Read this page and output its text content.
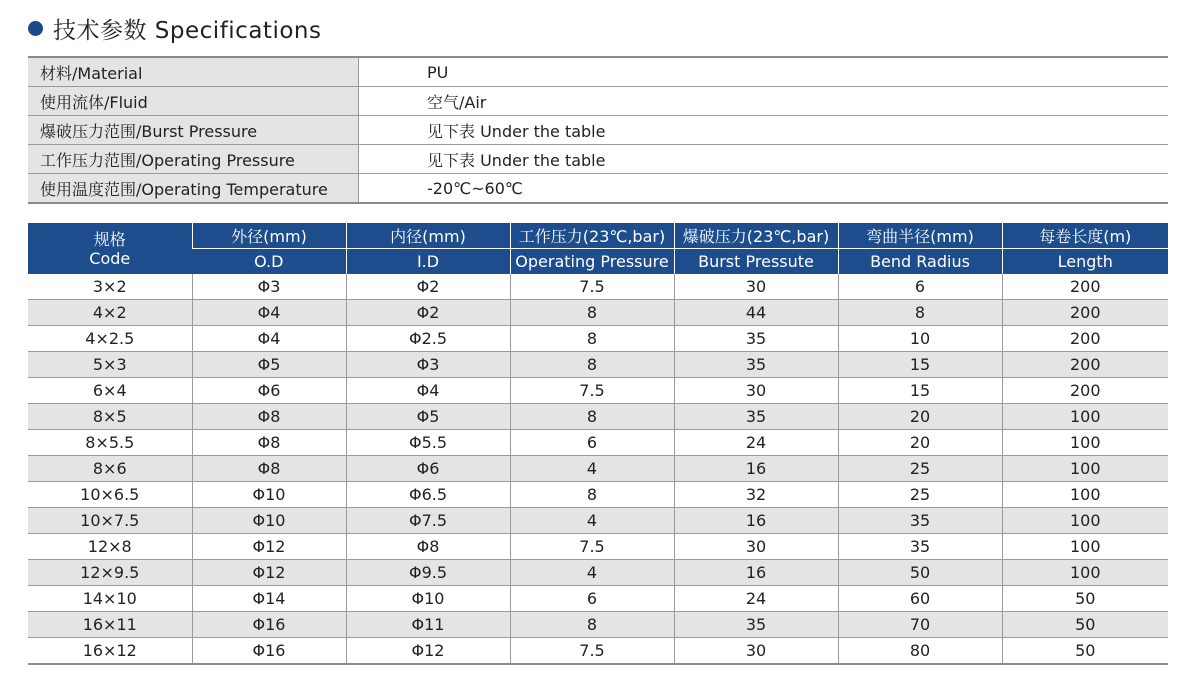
技术参数 Specifications
材料/Material	PU
使用流体/Fluid	空气/Air
爆破压力范围/Burst Pressure	见下表 Under the table
工作压力范围/Operating Pressure	见下表 Under the table
使用温度范围/Operating Temperature	-20℃~60℃
规格
Code	外径(mm)	内径(mm)	工作压力(23℃,bar)	爆破压力(23℃,bar)	弯曲半径(mm)	每卷长度(m)
	O.D	I.D	Operating Pressure	Burst Pressute	Bend Radius	Length
3×2	Φ3	Φ2	7.5	30	6	200
4×2	Φ4	Φ2	8	44	8	200
4×2.5	Φ4	Φ2.5	8	35	10	200
5×3	Φ5	Φ3	8	35	15	200
6×4	Φ6	Φ4	7.5	30	15	200
8×5	Φ8	Φ5	8	35	20	100
8×5.5	Φ8	Φ5.5	6	24	20	100
8×6	Φ8	Φ6	4	16	25	100
10×6.5	Φ10	Φ6.5	8	32	25	100
10×7.5	Φ10	Φ7.5	4	16	35	100
12×8	Φ12	Φ8	7.5	30	35	100
12×9.5	Φ12	Φ9.5	4	16	50	100
14×10	Φ14	Φ10	6	24	60	50
16×11	Φ16	Φ11	8	35	70	50
16×12	Φ16	Φ12	7.5	30	80	50
